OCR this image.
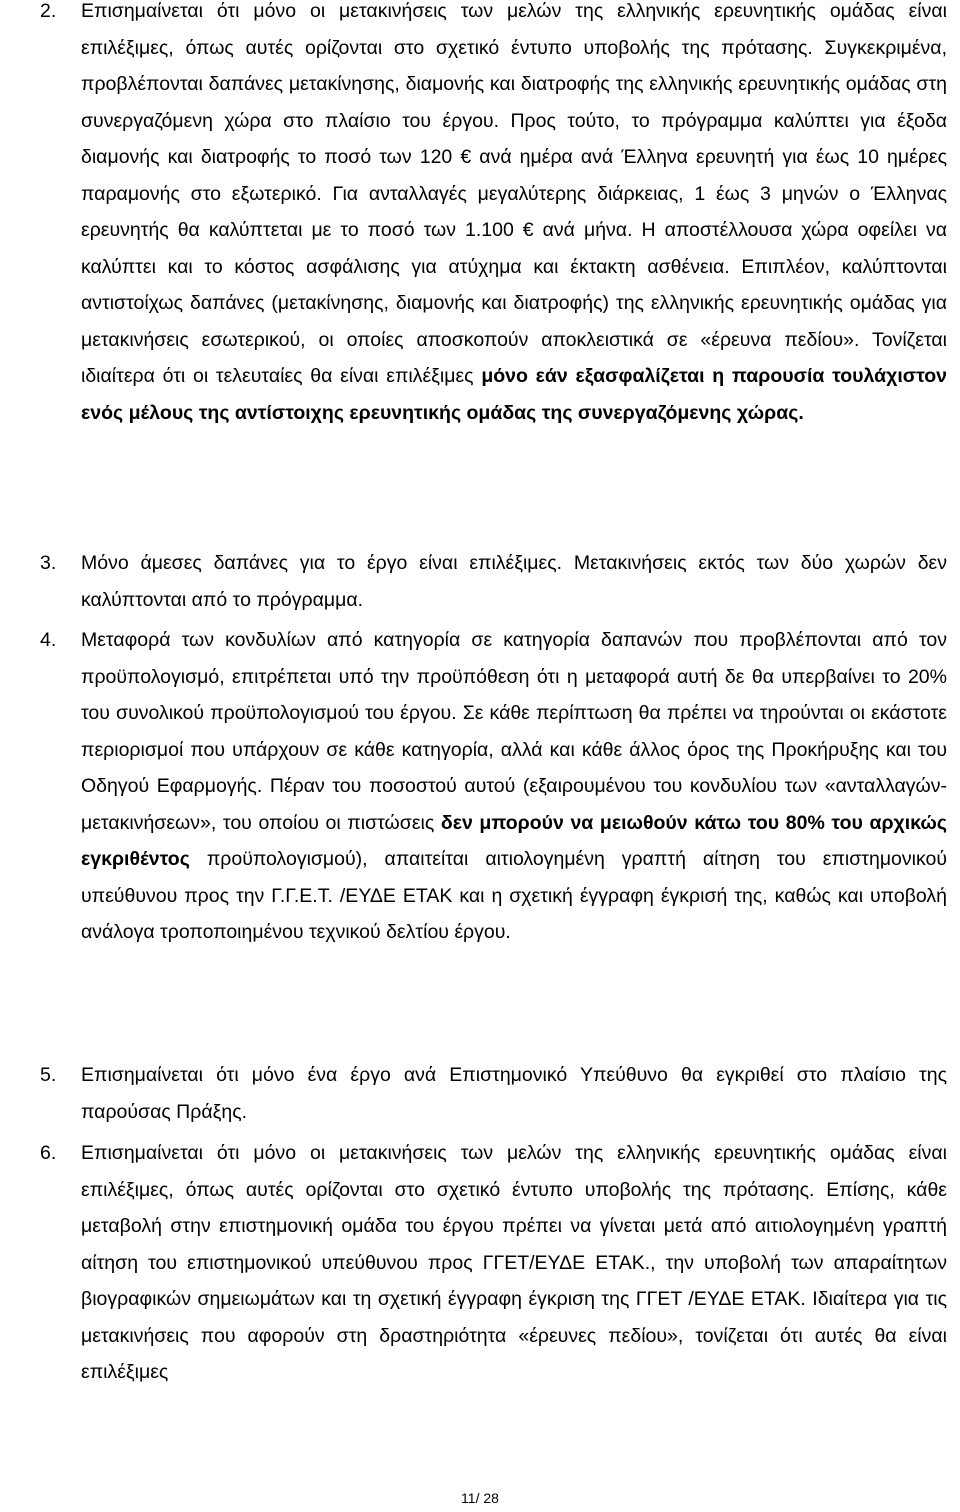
2. Επισημαίνεται ότι μόνο οι μετακινήσεις των μελών της ελληνικής ερευνητικής ομάδας είναι επιλέξιμες, όπως αυτές ορίζονται στο σχετικό έντυπο υποβολής της πρότασης. Συγκεκριμένα, προβλέπονται δαπάνες μετακίνησης, διαμονής και διατροφής της ελληνικής ερευνητικής ομάδας στη συνεργαζόμενη χώρα στο πλαίσιο του έργου. Προς τούτο, το πρόγραμμα καλύπτει για έξοδα διαμονής και διατροφής το ποσό των 120 € ανά ημέρα ανά Έλληνα ερευνητή για έως 10 ημέρες παραμονής στο εξωτερικό. Για ανταλλαγές μεγαλύτερης διάρκειας, 1 έως 3 μηνών ο Έλληνας ερευνητής θα καλύπτεται με το ποσό των 1.100 € ανά μήνα. Η αποστέλλουσα χώρα οφείλει να καλύπτει και το κόστος ασφάλισης για ατύχημα και έκτακτη ασθένεια. Επιπλέον, καλύπτονται αντιστοίχως δαπάνες (μετακίνησης, διαμονής και διατροφής) της ελληνικής ερευνητικής ομάδας για μετακινήσεις εσωτερικού, οι οποίες αποσκοπούν αποκλειστικά σε «έρευνα πεδίου». Τονίζεται ιδιαίτερα ότι οι τελευταίες θα είναι επιλέξιμες μόνο εάν εξασφαλίζεται η παρουσία τουλάχιστον ενός μέλους της αντίστοιχης ερευνητικής ομάδας της συνεργαζόμενης χώρας.
3. Μόνο άμεσες δαπάνες για το έργο είναι επιλέξιμες. Μετακινήσεις εκτός των δύο χωρών δεν καλύπτονται από το πρόγραμμα.
4. Μεταφορά των κονδυλίων από κατηγορία σε κατηγορία δαπανών που προβλέπονται από τον προϋπολογισμό, επιτρέπεται υπό την προϋπόθεση ότι η μεταφορά αυτή δε θα υπερβαίνει το 20% του συνολικού προϋπολογισμού του έργου. Σε κάθε περίπτωση θα πρέπει να τηρούνται οι εκάστοτε περιορισμοί που υπάρχουν σε κάθε κατηγορία, αλλά και κάθε άλλος όρος της Προκήρυξης και του Οδηγού Εφαρμογής. Πέραν του ποσοστού αυτού (εξαιρουμένου του κονδυλίου των «ανταλλαγών-μετακινήσεων», του οποίου οι πιστώσεις δεν μπορούν να μειωθούν κάτω του 80% του αρχικώς εγκριθέντος προϋπολογισμού), απαιτείται αιτιολογημένη γραπτή αίτηση του επιστημονικού υπεύθυνου προς την Γ.Γ.Ε.Τ. /ΕΥΔΕ ΕΤΑΚ και η σχετική έγγραφη έγκρισή της, καθώς και υποβολή ανάλογα τροποποιημένου τεχνικού δελτίου έργου.
5. Επισημαίνεται ότι μόνο ένα έργο ανά Επιστημονικό Υπεύθυνο θα εγκριθεί στο πλαίσιο της παρούσας Πράξης.
6. Επισημαίνεται ότι μόνο οι μετακινήσεις των μελών της ελληνικής ερευνητικής ομάδας είναι επιλέξιμες, όπως αυτές ορίζονται στο σχετικό έντυπο υποβολής της πρότασης. Επίσης, κάθε μεταβολή στην επιστημονική ομάδα του έργου πρέπει να γίνεται μετά από αιτιολογημένη γραπτή αίτηση του επιστημονικού υπεύθυνου προς ΓΓΕΤ/ΕΥΔΕ ΕΤΑΚ., την υποβολή των απαραίτητων βιογραφικών σημειωμάτων και τη σχετική έγγραφη έγκριση της ΓΓΕΤ /ΕΥΔΕ ΕΤΑΚ. Ιδιαίτερα για τις μετακινήσεις που αφορούν στη δραστηριότητα «έρευνες πεδίου», τονίζεται ότι αυτές θα είναι επιλέξιμες
11/ 28
